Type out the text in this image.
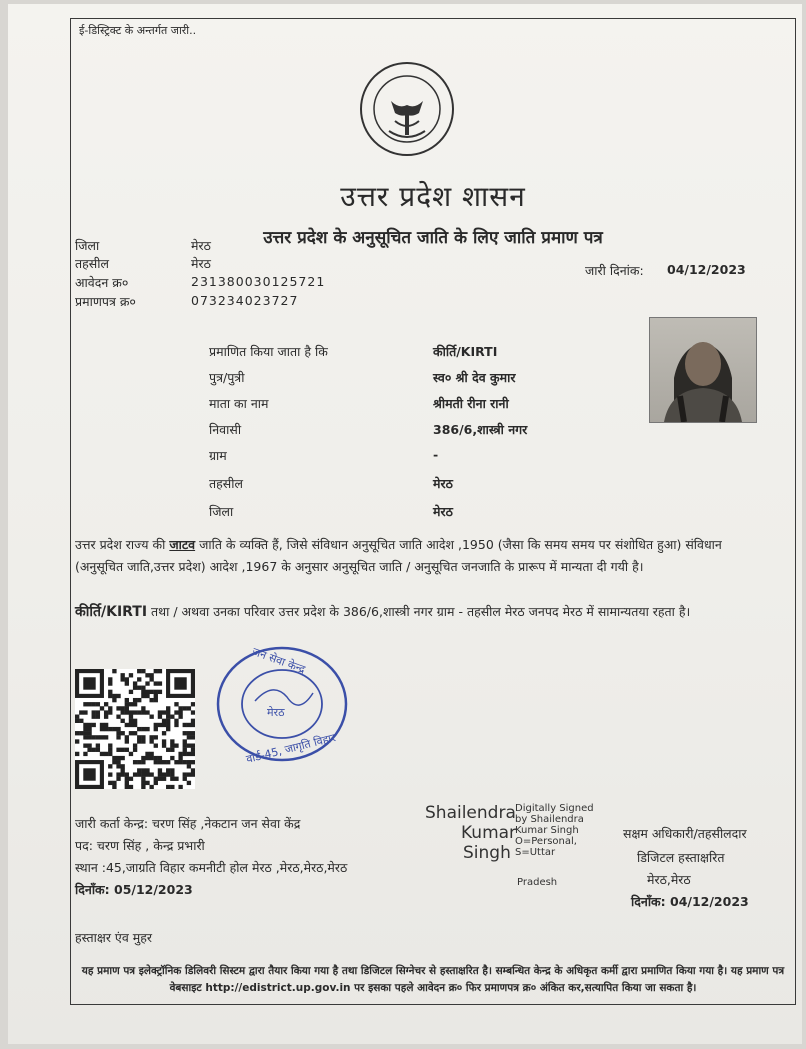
ई-डिस्ट्रिक्ट के अन्तर्गत जारी..
उत्तर प्रदेश शासन
उत्तर प्रदेश के अनुसूचित जाति के लिए जाति प्रमाण पत्र
जिला	मेरठ
तहसील	मेरठ
आवेदन क्र०	231380030125721
प्रमाणपत्र क्र०	073234023727
जारी दिनांक: 04/12/2023
प्रमाणित किया जाता है कि	कीर्ति/KIRTI
पुत्र/पुत्री	स्व० श्री देव कुमार
माता का नाम	श्रीमती रीना रानी
निवासी	386/6,शास्त्री नगर
ग्राम	-
तहसील	मेरठ
जिला	मेरठ
उत्तर प्रदेश राज्य की जाटव जाति के व्यक्ति हैं, जिसे संविधान अनुसूचित जाति आदेश ,1950 (जैसा कि समय समय पर संशोधित हुआ) संविधान (अनुसूचित जाति,उत्तर प्रदेश) आदेश ,1967 के अनुसार अनुसूचित जाति / अनुसूचित जनजाति के प्रारूप में मान्यता दी गयी है।
कीर्ति/KIRTI तथा / अथवा उनका परिवार उत्तर प्रदेश के 386/6,शास्त्री नगर ग्राम - तहसील मेरठ जनपद मेरठ में सामान्यतया रहता है।
जन सेवा केन्द्र
मेरठ
वार्ड-45, जागृति विहार
जारी कर्ता केन्द्र: चरण सिंह ,नेकटान जन सेवा केंद्र
पद: चरण सिंह , केन्द्र प्रभारी
स्थान :45,जाग्रति विहार कमनीटी होल मेरठ ,मेरठ,मेरठ,मेरठ
दिनाँक: 05/12/2023
Shailendra
Kumar
Singh
Digitally Signed
by Shailendra
Kumar Singh
O=Personal,
S=Uttar
Pradesh
सक्षम अधिकारी/तहसीलदार
डिजिटल हस्ताक्षरित
मेरठ,मेरठ
दिनाँक: 04/12/2023
हस्ताक्षर एंव मुहर
यह प्रमाण पत्र इलेक्ट्रॉनिक डिलिवरी सिस्टम द्वारा तैयार किया गया है तथा डिजिटल सिग्नेचर से हस्ताक्षरित है। सम्बन्धित केन्द्र के अधिकृत कर्मी द्वारा प्रमाणित किया गया है। यह प्रमाण पत्र वेबसाइट http://edistrict.up.gov.in पर इसका पहले आवेदन क्र० फिर प्रमाणपत्र क्र० अंकित कर,सत्यापित किया जा सकता है।
